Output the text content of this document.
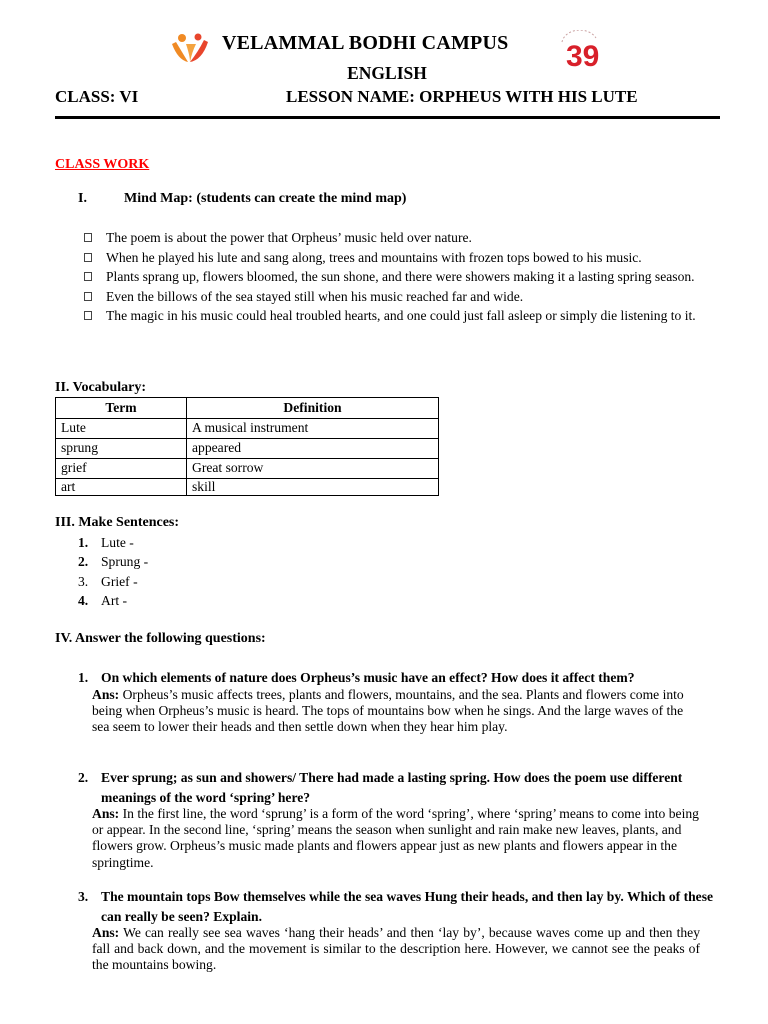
VELAMMAL BODHI CAMPUS 39
ENGLISH
CLASS: VI	LESSON NAME: ORPHEUS WITH HIS LUTE
CLASS WORK
I.	Mind Map: (students can create the mind map)
The poem is about the power that Orpheus’ music held over nature.
When he played his lute and sang along, trees and mountains with frozen tops bowed to his music.
Plants sprang up, flowers bloomed, the sun shone, and there were showers making it a lasting spring season.
Even the billows of the sea stayed still when his music reached far and wide.
The magic in his music could heal troubled hearts, and one could just fall asleep or simply die listening to it.
II. Vocabulary:
Term	Definition
Lute	A musical instrument
sprung	appeared
grief	Great sorrow
art	skill
III. Make Sentences:
1. Lute -
2. Sprung -
3. Grief -
4. Art -
IV. Answer the following questions:
1. On which elements of nature does Orpheus’s music have an effect? How does it affect them?
Ans: Orpheus’s music affects trees, plants and flowers, mountains, and the sea. Plants and flowers come into being when Orpheus’s music is heard. The tops of mountains bow when he sings. And the large waves of the sea seem to lower their heads and then settle down when they hear him play.
2. Ever sprung; as sun and showers/ There had made a lasting spring. How does the poem use different meanings of the word ‘spring’ here?
Ans: In the first line, the word ‘sprung’ is a form of the word ‘spring’, where ‘spring’ means to come into being or appear. In the second line, ‘spring’ means the season when sunlight and rain make new leaves, plants, and flowers grow. Orpheus’s music made plants and flowers appear just as new plants and flowers appear in the springtime.
3. The mountain tops Bow themselves while the sea waves Hung their heads, and then lay by. Which of these can really be seen? Explain.
Ans: We can really see sea waves ‘hang their heads’ and then ‘lay by’, because waves come up and then they fall and back down, and the movement is similar to the description here. However, we cannot see the peaks of the mountains bowing.
